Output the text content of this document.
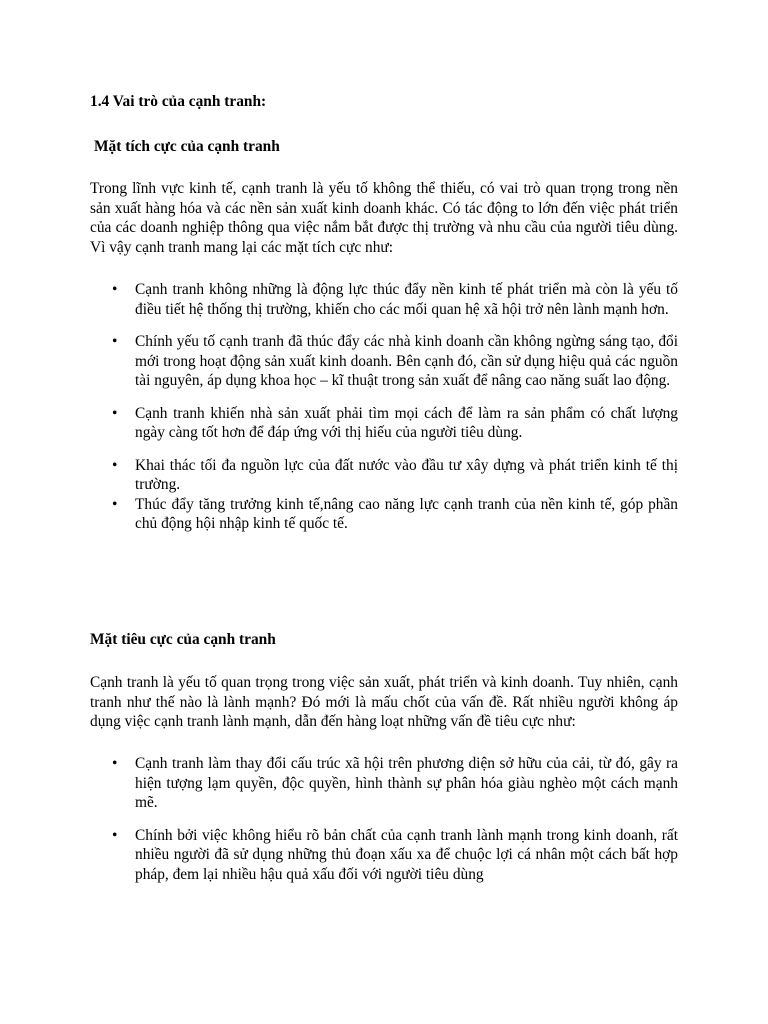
1.4 Vai trò của cạnh tranh:

Mặt tích cực của cạnh tranh

Trong lĩnh vực kinh tế, cạnh tranh là yếu tố không thể thiếu, có vai trò quan trọng trong nền sản xuất hàng hóa và các nền sản xuất kinh doanh khác. Có tác động to lớn đến việc phát triển của các doanh nghiệp thông qua việc nắm bắt được thị trường và nhu cầu của người tiêu dùng. Vì vậy cạnh tranh mang lại các mặt tích cực như:

• Cạnh tranh không những là động lực thúc đẩy nền kinh tế phát triển mà còn là yếu tố điều tiết hệ thống thị trường, khiến cho các mối quan hệ xã hội trở nên lành mạnh hơn.
• Chính yếu tố cạnh tranh đã thúc đẩy các nhà kinh doanh cần không ngừng sáng tạo, đổi mới trong hoạt động sản xuất kinh doanh. Bên cạnh đó, cần sử dụng hiệu quả các nguồn tài nguyên, áp dụng khoa học – kĩ thuật trong sản xuất để nâng cao năng suất lao động.
• Cạnh tranh khiến nhà sản xuất phải tìm mọi cách để làm ra sản phẩm có chất lượng ngày càng tốt hơn để đáp ứng với thị hiếu của người tiêu dùng.
• Khai thác tối đa nguồn lực của đất nước vào đầu tư xây dựng và phát triển kinh tế thị trường.
• Thúc đẩy tăng trưởng kinh tế,nâng cao năng lực cạnh tranh của nền kinh tế, góp phần chủ động hội nhập kinh tế quốc tế.

Mặt tiêu cực của cạnh tranh

Cạnh tranh là yếu tố quan trọng trong việc sản xuất, phát triển và kinh doanh. Tuy nhiên, cạnh tranh như thế nào là lành mạnh? Đó mới là mấu chốt của vấn đề. Rất nhiều người không áp dụng việc cạnh tranh lành mạnh, dẫn đến hàng loạt những vấn đề tiêu cực như:

• Cạnh tranh làm thay đổi cấu trúc xã hội trên phương diện sở hữu của cải, từ đó, gây ra hiện tượng lạm quyền, độc quyền, hình thành sự phân hóa giàu nghèo một cách mạnh mẽ.
• Chính bởi việc không hiểu rõ bản chất của cạnh tranh lành mạnh trong kinh doanh, rất nhiều người đã sử dụng những thủ đoạn xấu xa để chuộc lợi cá nhân một cách bất hợp pháp, đem lại nhiều hậu quả xấu đối với người tiêu dùng
